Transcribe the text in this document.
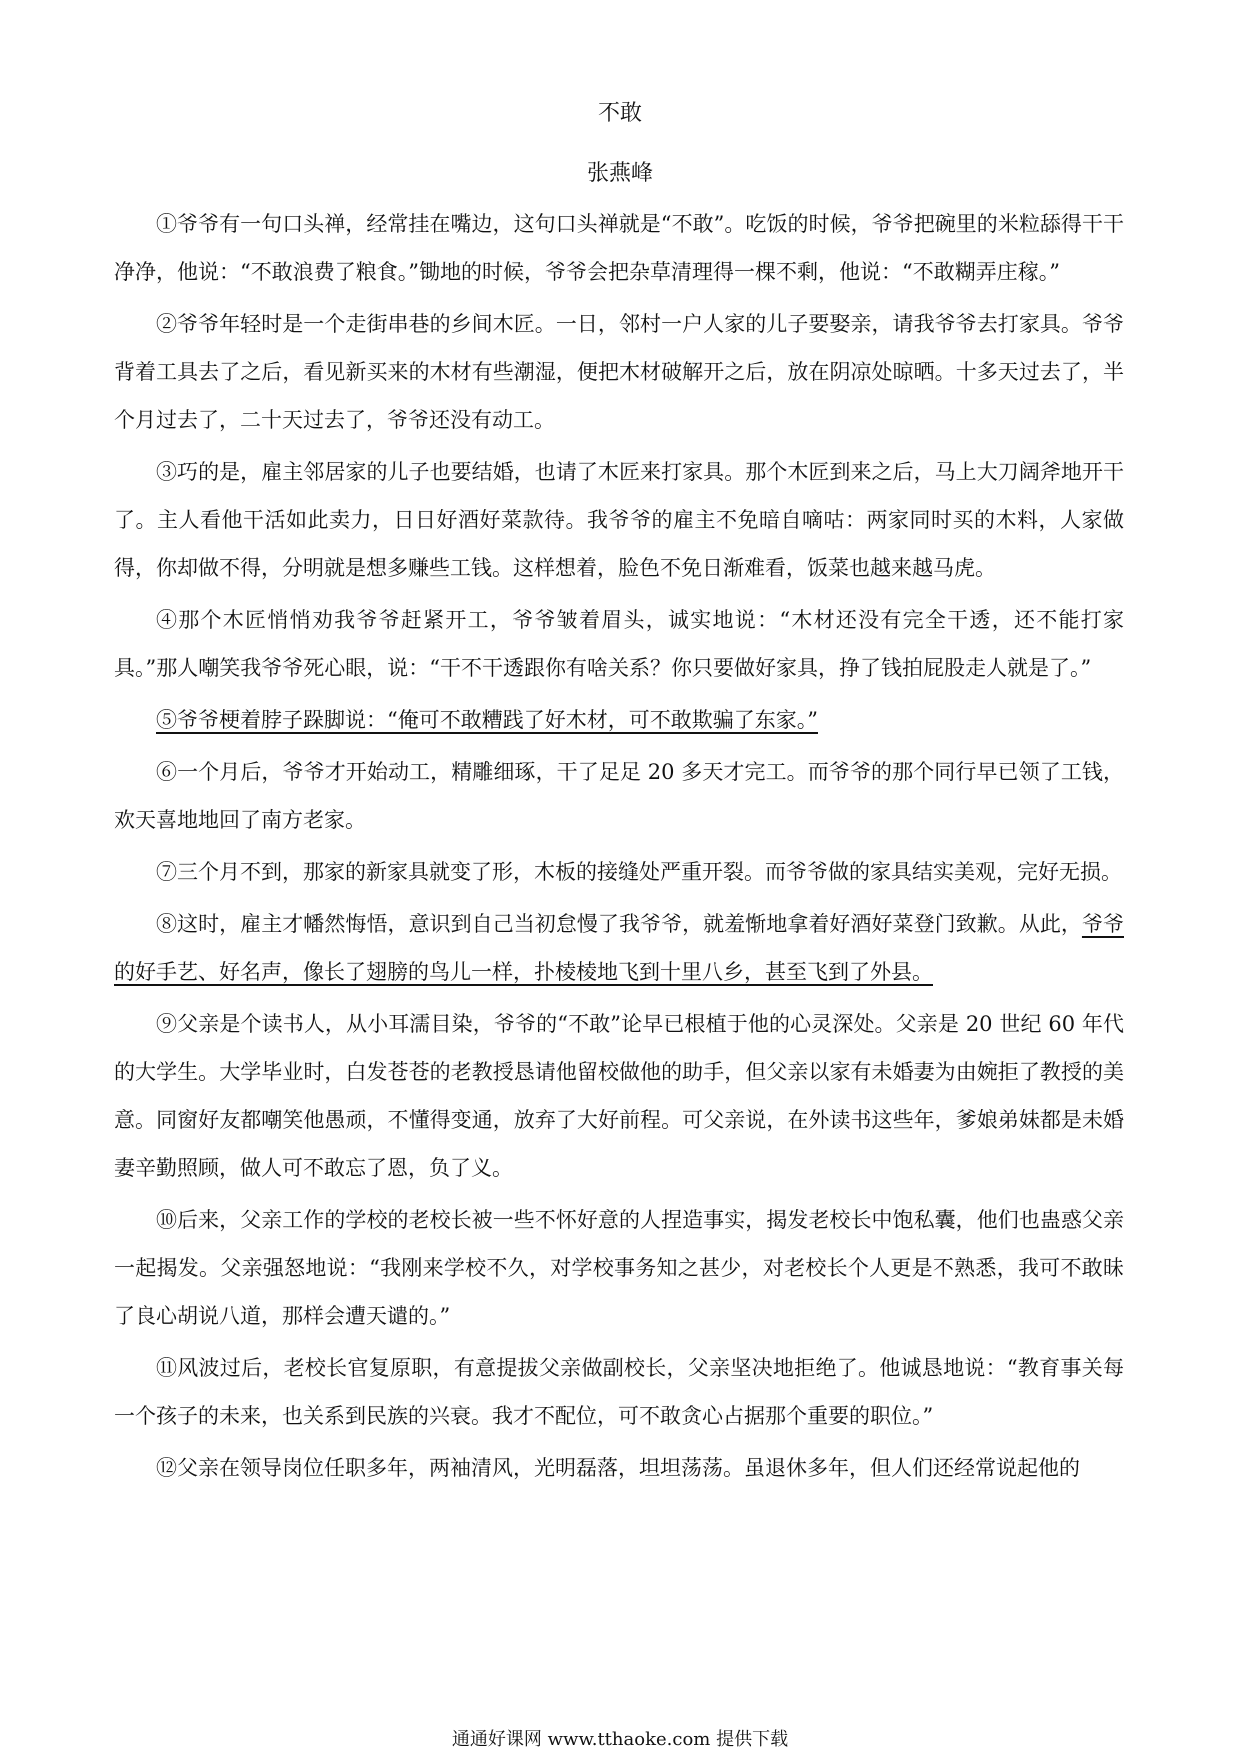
不敢
张燕峰

①爷爷有一句口头禅，经常挂在嘴边，这句口头禅就是“不敢”。吃饭的时候，爷爷把碗里的米粒舔得干干净净，他说：“不敢浪费了粮食。”锄地的时候，爷爷会把杂草清理得一棵不剩，他说：“不敢糊弄庄稼。”

②爷爷年轻时是一个走街串巷的乡间木匠。一日，邻村一户人家的儿子要娶亲，请我爷爷去打家具。爷爷背着工具去了之后，看见新买来的木材有些潮湿，便把木材破解开之后，放在阴凉处晾晒。十多天过去了，半个月过去了，二十天过去了，爷爷还没有动工。

③巧的是，雇主邻居家的儿子也要结婚，也请了木匠来打家具。那个木匠到来之后，马上大刀阔斧地开干了。主人看他干活如此卖力，日日好酒好菜款待。我爷爷的雇主不免暗自嘀咕：两家同时买的木料，人家做得，你却做不得，分明就是想多赚些工钱。这样想着，脸色不免日渐难看，饭菜也越来越马虎。

④那个木匠悄悄劝我爷爷赶紧开工，爷爷皱着眉头，诚实地说：“木材还没有完全干透，还不能打家具。”那人嘲笑我爷爷死心眼，说：“干不干透跟你有啥关系？你只要做好家具，挣了钱拍屁股走人就是了。”

⑤爷爷梗着脖子跺脚说：“俺可不敢糟践了好木材，可不敢欺骗了东家。”

⑥一个月后，爷爷才开始动工，精雕细琢，干了足足 20 多天才完工。而爷爷的那个同行早已领了工钱，欢天喜地地回了南方老家。

⑦三个月不到，那家的新家具就变了形，木板的接缝处严重开裂。而爷爷做的家具结实美观，完好无损。

⑧这时，雇主才幡然悔悟，意识到自己当初怠慢了我爷爷，就羞惭地拿着好酒好菜登门致歉。从此，爷爷的好手艺、好名声，像长了翅膀的鸟儿一样，扑棱棱地飞到十里八乡，甚至飞到了外县。

⑨父亲是个读书人，从小耳濡目染，爷爷的“不敢”论早已根植于他的心灵深处。父亲是 20 世纪 60 年代的大学生。大学毕业时，白发苍苍的老教授恳请他留校做他的助手，但父亲以家有未婚妻为由婉拒了教授的美意。同窗好友都嘲笑他愚顽，不懂得变通，放弃了大好前程。可父亲说，在外读书这些年，爹娘弟妹都是未婚妻辛勤照顾，做人可不敢忘了恩，负了义。

⑩后来，父亲工作的学校的老校长被一些不怀好意的人捏造事实，揭发老校长中饱私囊，他们也蛊惑父亲一起揭发。父亲强怒地说：“我刚来学校不久，对学校事务知之甚少，对老校长个人更是不熟悉，我可不敢昧了良心胡说八道，那样会遭天谴的。”

⑪风波过后，老校长官复原职，有意提拔父亲做副校长，父亲坚决地拒绝了。他诚恳地说：“教育事关每一个孩子的未来，也关系到民族的兴衰。我才不配位，可不敢贪心占据那个重要的职位。”

⑫父亲在领导岗位任职多年，两袖清风，光明磊落，坦坦荡荡。虽退休多年，但人们还经常说起他的

通通好课网 www.tthaoke.com 提供下载
